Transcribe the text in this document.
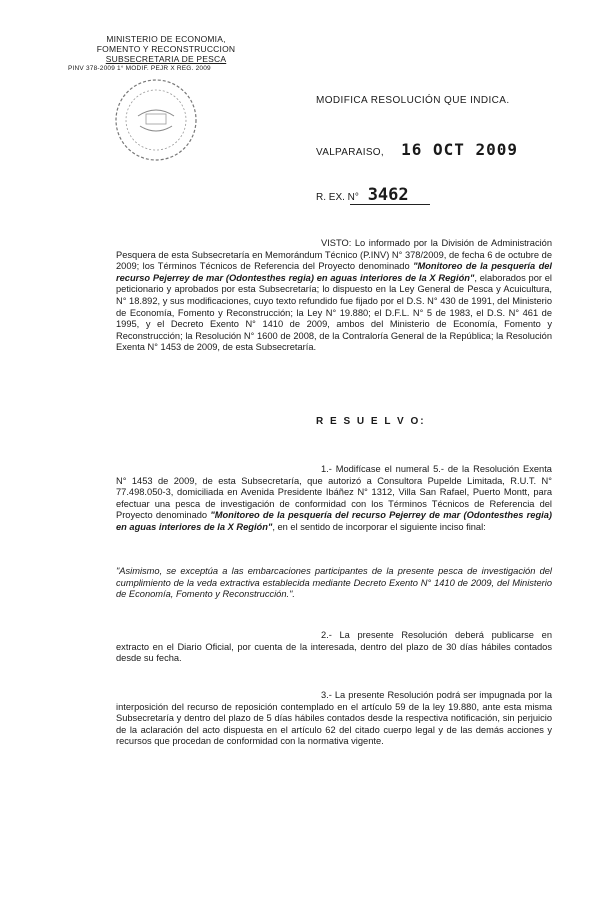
MINISTERIO DE ECONOMIA,
FOMENTO Y RECONSTRUCCION
SUBSECRETARIA DE PESCA
PINV 378-2009 1° MODIF. PEJR X REG. 2009
MODIFICA RESOLUCIÓN QUE INDICA.
VALPARAISO, 16 OCT 2009
R. EX. N° 3462
VISTO: Lo informado por la División de Administración Pesquera de esta Subsecretaría en Memorándum Técnico (P.INV) N° 378/2009, de fecha 6 de octubre de 2009; los Términos Técnicos de Referencia del Proyecto denominado "Monitoreo de la pesquería del recurso Pejerrey de mar (Odontesthes regia) en aguas interiores de la X Región", elaborados por el peticionario y aprobados por esta Subsecretaría; lo dispuesto en la Ley General de Pesca y Acuicultura, N° 18.892, y sus modificaciones, cuyo texto refundido fue fijado por el D.S. N° 430 de 1991, del Ministerio de Economía, Fomento y Reconstrucción; la Ley N° 19.880; el D.F.L. N° 5 de 1983, el D.S. N° 461 de 1995, y el Decreto Exento N° 1410 de 2009, ambos del Ministerio de Economía, Fomento y Reconstrucción; la Resolución N° 1600 de 2008, de la Contraloría General de la República; la Resolución Exenta N° 1453 de 2009, de esta Subsecretaría.
R E S U E L V O:
1.- Modifícase el numeral 5.- de la Resolución Exenta N° 1453 de 2009, de esta Subsecretaría, que autorizó a Consultora Pupelde Limitada, R.U.T. N° 77.498.050-3, domiciliada en Avenida Presidente Ibáñez N° 1312, Villa San Rafael, Puerto Montt, para efectuar una pesca de investigación de conformidad con los Términos Técnicos de Referencia del Proyecto denominado "Monitoreo de la pesquería del recurso Pejerrey de mar (Odontesthes regia) en aguas interiores de la X Región", en el sentido de incorporar el siguiente inciso final:
"Asimismo, se exceptúa a las embarcaciones participantes de la presente pesca de investigación del cumplimiento de la veda extractiva establecida mediante Decreto Exento N° 1410 de 2009, del Ministerio de Economía, Fomento y Reconstrucción.".
2.- La presente Resolución deberá publicarse en extracto en el Diario Oficial, por cuenta de la interesada, dentro del plazo de 30 días hábiles contados desde su fecha.
3.- La presente Resolución podrá ser impugnada por la interposición del recurso de reposición contemplado en el artículo 59 de la ley 19.880, ante esta misma Subsecretaría y dentro del plazo de 5 días hábiles contados desde la respectiva notificación, sin perjuicio de la aclaración del acto dispuesta en el artículo 62 del citado cuerpo legal y de las demás acciones y recursos que procedan de conformidad con la normativa vigente.
